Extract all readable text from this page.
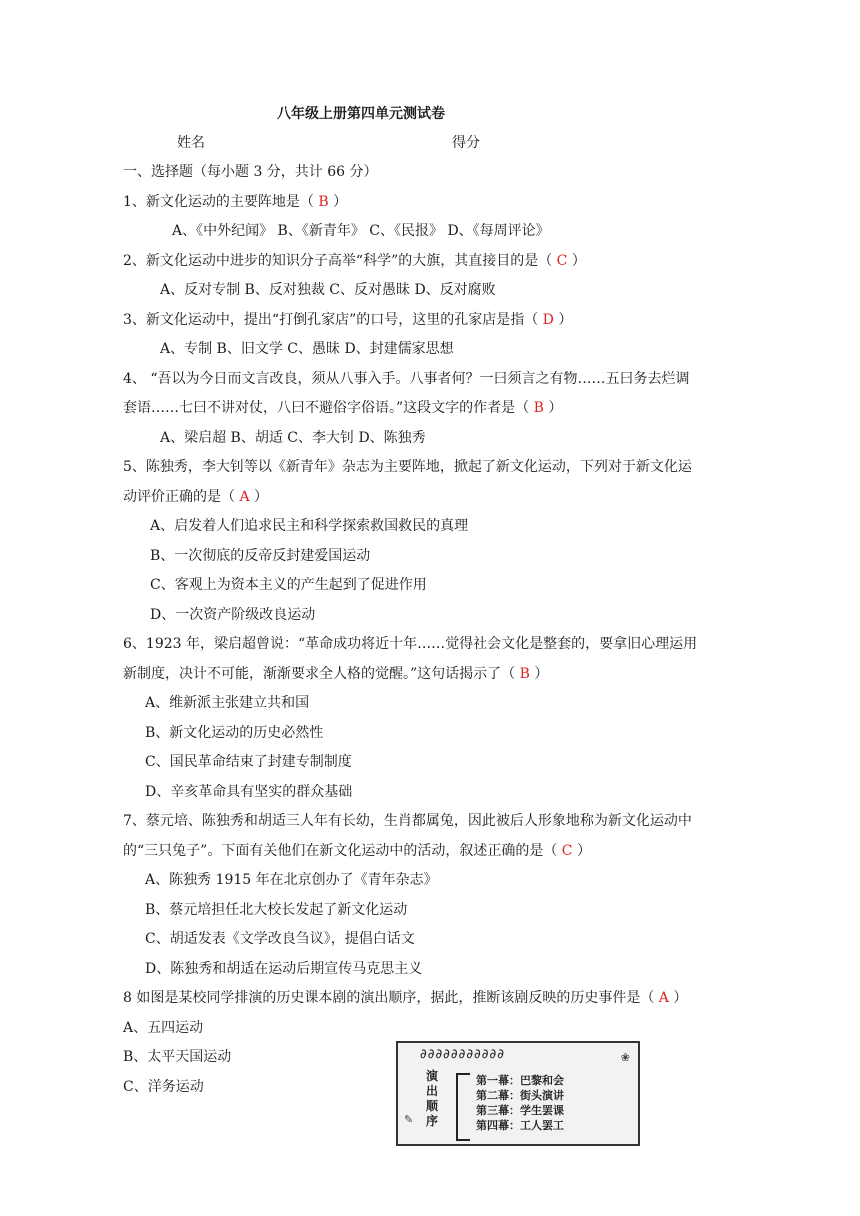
八年级上册第四单元测试卷
姓名	得分
一、选择题（每小题 3 分，共计 66 分）
1、新文化运动的主要阵地是（ B ）
A、《中外纪闻》 B、《新青年》 C、《民报》 D、《每周评论》
2、新文化运动中进步的知识分子高举“科学”的大旗，其直接目的是（ C ）
A、反对专制 B、反对独裁 C、反对愚昧 D、反对腐败
3、新文化运动中，提出“打倒孔家店”的口号，这里的孔家店是指（ D ）
A、专制 B、旧文学 C、愚昧 D、封建儒家思想
4、 “吾以为今日而文言改良，须从八事入手。八事者何？一曰须言之有物……五曰务去烂调
套语……七曰不讲对仗，八曰不避俗字俗语。”这段文字的作者是（ B ）
A、梁启超 B、胡适 C、李大钊 D、陈独秀
5、陈独秀，李大钊等以《新青年》杂志为主要阵地，掀起了新文化运动，下列对于新文化运
动评价正确的是（ A ）
A、启发着人们追求民主和科学探索救国救民的真理
B、一次彻底的反帝反封建爱国运动
C、客观上为资本主义的产生起到了促进作用
D、一次资产阶级改良运动
6、1923 年，梁启超曾说：“革命成功将近十年……觉得社会文化是整套的，要拿旧心理运用
新制度，决计不可能，渐渐要求全人格的觉醒。”这句话揭示了（ B ）
A、维新派主张建立共和国
B、新文化运动的历史必然性
C、国民革命结束了封建专制制度
D、辛亥革命具有坚实的群众基础
7、蔡元培、陈独秀和胡适三人年有长幼，生肖都属兔，因此被后人形象地称为新文化运动中
的“三只兔子”。下面有关他们在新文化运动中的活动，叙述正确的是（ C ）
A、陈独秀 1915 年在北京创办了《青年杂志》
B、蔡元培担任北大校长发起了新文化运动
C、胡适发表《文学改良刍议》，提倡白话文
D、陈独秀和胡适在运动后期宣传马克思主义
8 如图是某校同学排演的历史课本剧的演出顺序，据此，推断该剧反映的历史事件是（ A ）
A、五四运动
B、太平天国运动
C、洋务运动
∂∂∂∂∂∂∂∂∂∂∂	❀
演出顺序
第一幕：巴黎和会
第二幕：街头演讲
第三幕：学生罢课
第四幕：工人罢工
✎
